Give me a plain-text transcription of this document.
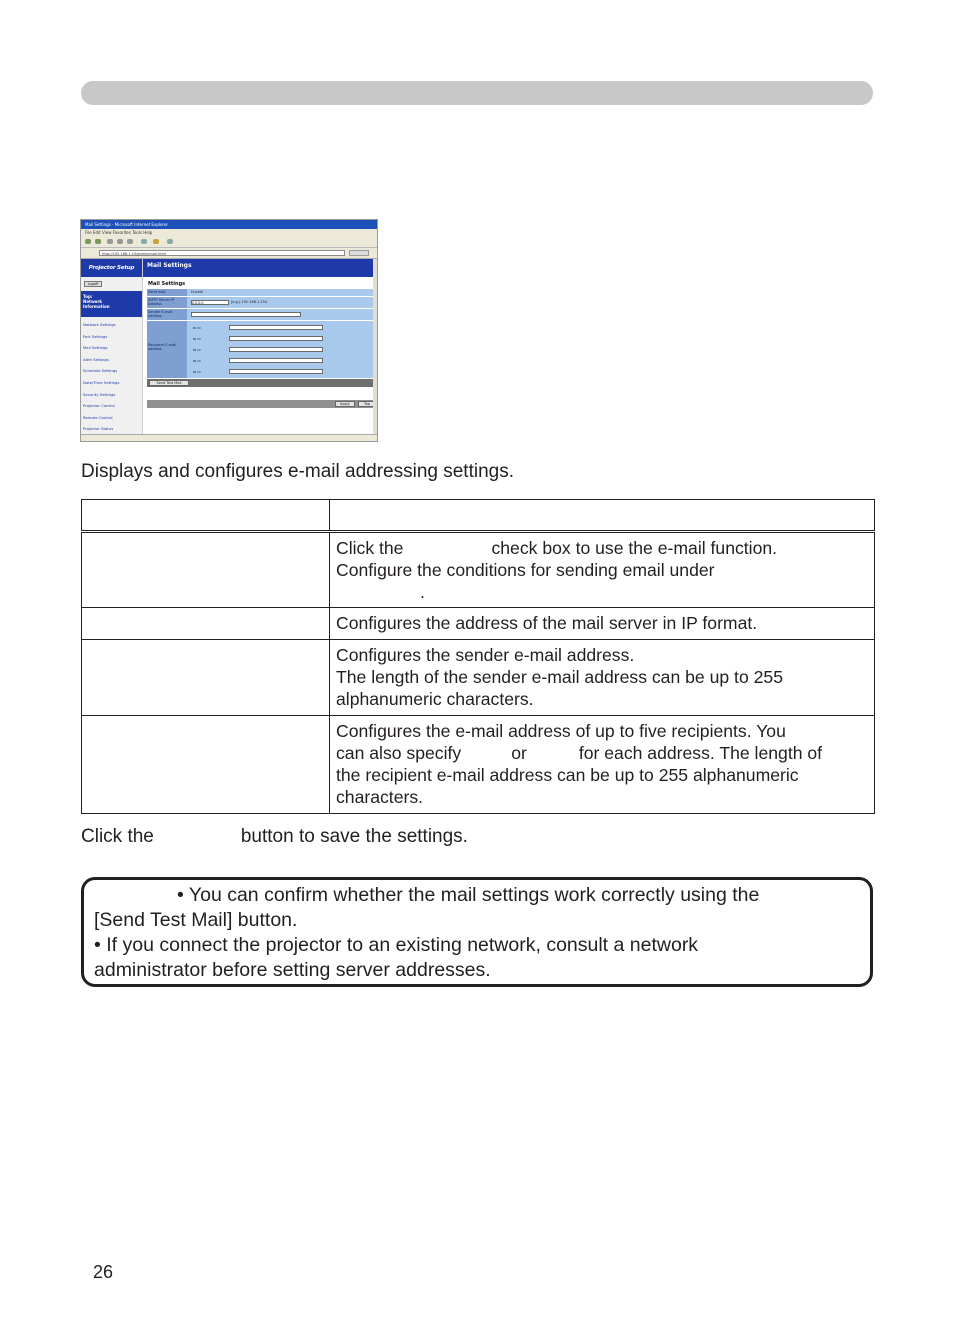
Mail Settings - Microsoft Internet Explorer
File Edit View Favorites Tools Help
http://192.168.1.10/admin/mail.html
Projector Setup
Logoff
Top:
Network
Information
Network Settings
Port Settings
Mail Settings
Alert Settings
Schedule Settings
Date/Time Settings
Security Settings
Projector Control
Remote Control
Projector Status
Mail Settings
Mail Settings
Send mail	Enable
SMTP Server IP Address	0.0.0.0	[e.g.] 192.168.1.254
Sender E-mail address
Recipient E-mail address
to cc
to cc
to cc
to cc
to cc
Send Test Mail
Apply	Top

Displays and configures e-mail addressing settings.

	Click the check box to use the e-mail function.
Configure the conditions for sending email under
.
	Configures the address of the mail server in IP format.
	Configures the sender e-mail address.
The length of the sender e-mail address can be up to 255
alphanumeric characters.
	Configures the e-mail address of up to five recipients. You
can also specify or for each address. The length of
the recipient e-mail address can be up to 255 alphanumeric
characters.

Click the	button to save the settings.

• You can confirm whether the mail settings work correctly using the

[Send Test Mail] button.

• If you connect the projector to an existing network, consult a network

administrator before setting server addresses.

26
